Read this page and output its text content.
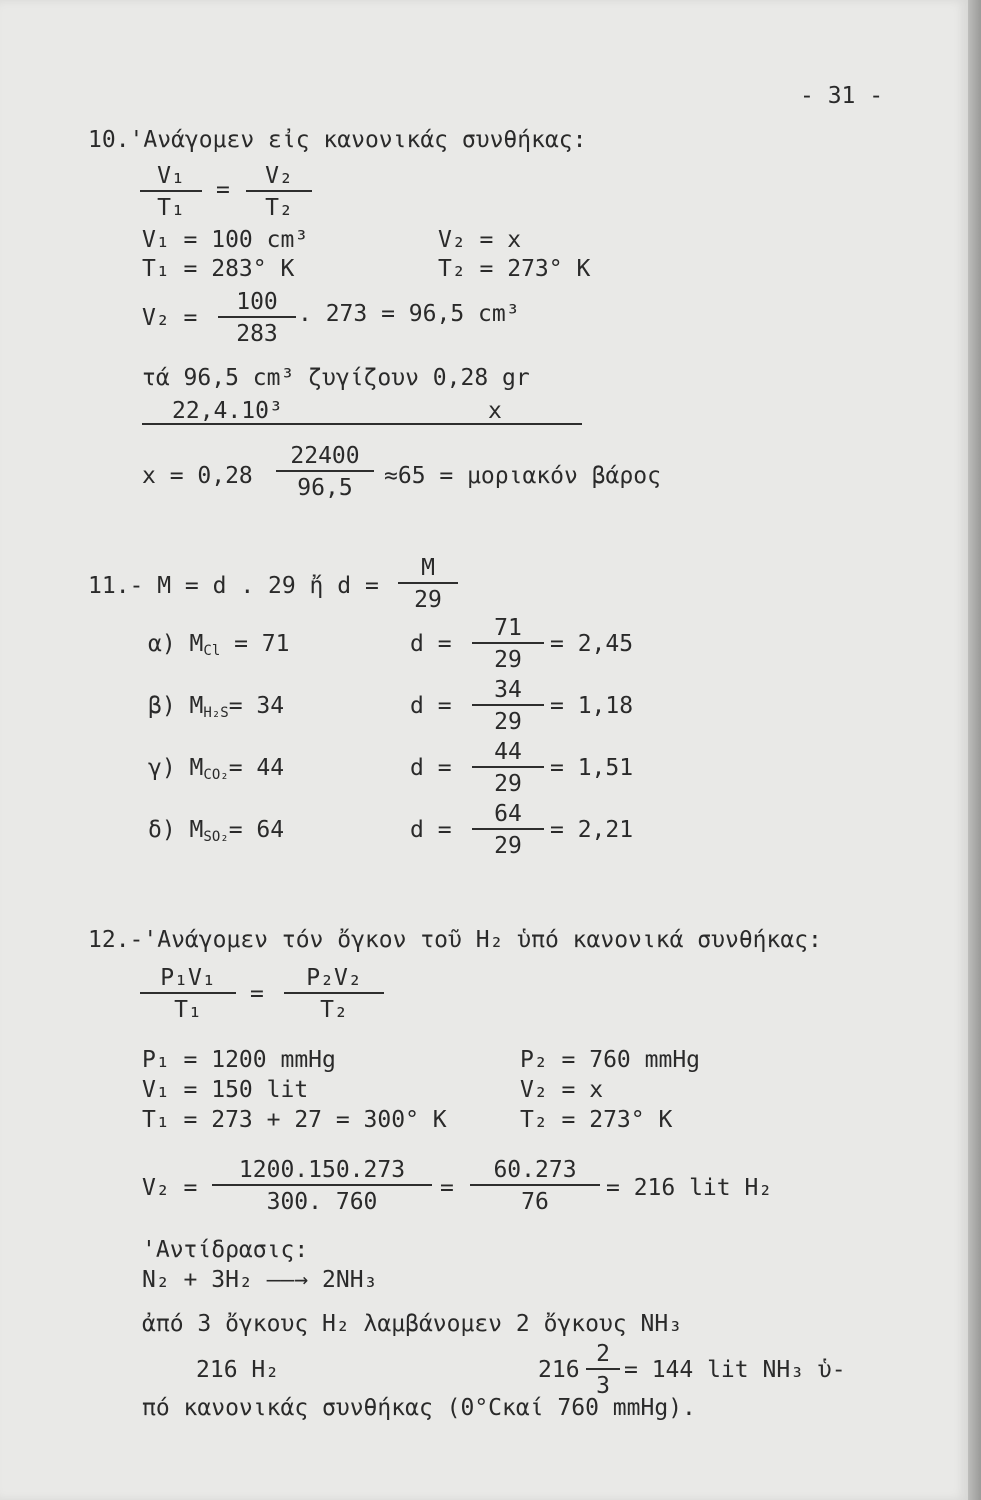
- 31 -
10.'Ανάγομεν εἰς κανονικάς συνθήκας:
$\frac{\text{V₁}}{\text{T₁}} = \frac{\text{V₂}}{\text{T₂}}$
V₁ = 100 cm³	V₂ = x
T₁ = 283° K	T₂ = 273° K
$V_2 = \frac{100}{283}$ . 273 = 96,5 cm³
τά 96,5 cm³ ζυγίζουν 0,28 gr
22,4.10³	x
$x = 0,28 \frac{22400}{96,5} \approx 65 = \mu o\rho\iota\alpha\kappa ό\nu$ βάρος
11.- M = d . 29 ἤ $d = \frac{M}{29}$
α) $M_{Cl} = 71$	$d = \frac{71}{29} = 2,45$
β) $M_{H_2S}= 34$	$d = \frac{34}{29} = 1,18$
γ) $M_{CO_2}= 44$	$d = \frac{44}{29} = 1,51$
δ) $M_{SO_2}= 64$	$d = \frac{64}{29} = 2,21$
12.-'Ανάγομεν τόν ὄγκον τοῦ H₂ ὑπό κανονικά συνθήκας:
$\frac{\text{P₁V₁}}{\text{T₁}} = \frac{\text{P₂V₂}}{\text{T₂}}$
P₁ = 1200 mmHg	P₂ = 760 mmHg
V₁ = 150 lit	V₂ = x
T₁ = 273 + 27 = 300° K	T₂ = 273° K
$V_2 = \frac{1200.150.273}{300. 760} = \frac{60.273}{76} = 216$ lit H₂
'Αντίδρασις:
N₂ + 3H₂ ——→ 2NH₃
ἀπό 3 ὄγκους H₂ λαμβάνομεν 2 ὄγκους NH₃
216 H₂	$216 \frac{2}{3} = 144$ lit NH₃ ὑ-
πό κανονικάς συνθήκας (0°Cκαί 760 mmHg).
